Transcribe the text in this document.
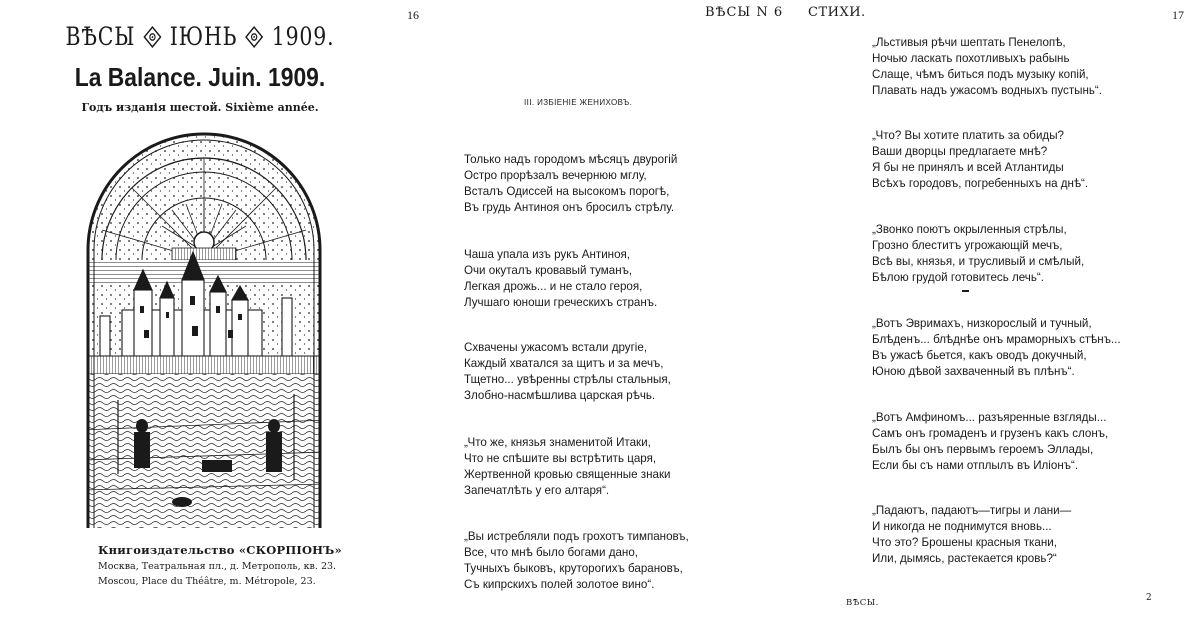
ВѢСЫ ІЮНЬ 1909.
La Balance. Juin. 1909.
Годъ изданія шестой. Sixième année.
Книгоиздательство «СКОРПІОНЪ»
Москва, Театральная пл., д. Метрополь, кв. 23.
Moscou, Place du Théâtre, m. Métropole, 23.
16	ВѢСЫ N 6
III. ИЗБІЕНІЕ ЖЕНИХОВЪ.
Только надъ городомъ мѣсяцъ двурогій
Остро прорѣзалъ вечернюю мглу,
Всталъ Одиссей на высокомъ порогѣ,
Въ грудь Антиноя онъ бросилъ стрѣлу.
Чаша упала изъ рукъ Антиноя,
Очи окуталъ кровавый туманъ,
Легкая дрожь... и не стало героя,
Лучшаго юноши греческихъ странъ.
Схвачены ужасомъ встали другіе,
Каждый хватался за щитъ и за мечъ,
Тщетно... увѣренны стрѣлы стальныя,
Злобно-насмѣшлива царская рѣчь.
„Что же, князья знаменитой Итаки,
Что не спѣшите вы встрѣтить царя,
Жертвенной кровью священные знаки
Запечатлѣть у его алтаря“.
„Вы истребляли подъ грохотъ тимпановъ,
Все, что мнѣ было богами дано,
Тучныхъ быковъ, круторогихъ барановъ,
Съ кипрскихъ полей золотое вино“.
СТИХИ.	17
„Льстивыя рѣчи шептать Пенелопѣ,
Ночью ласкать похотливыхъ рабынь
Слаще, чѣмъ биться подъ музыку копій,
Плавать надъ ужасомъ водныхъ пустынь“.
„Что? Вы хотите платить за обиды?
Ваши дворцы предлагаете мнѣ?
Я бы не принялъ и всей Атлантиды
Всѣхъ городовъ, погребенныхъ на днѣ“.
„Звонко поютъ окрыленныя стрѣлы,
Грозно блеститъ угрожающій мечъ,
Всѣ вы, князья, и трусливый и смѣлый,
Бѣлою грудой готовитесь лечь“.
„Вотъ Эвримахъ, низкорослый и тучный,
Блѣденъ... блѣднѣе онъ мраморныхъ стѣнъ...
Въ ужасѣ бьется, какъ оводъ докучный,
Юною дѣвой захваченный въ плѣнъ“.
„Вотъ Амфиномъ... разъяренные взгляды...
Самъ онъ громаденъ и грузенъ какъ слонъ,
Былъ бы онъ первымъ героемъ Эллады,
Если бы съ нами отплылъ въ Иліонъ“.
„Падаютъ, падаютъ—тигры и лани—
И никогда не поднимутся вновь...
Что это? Брошены красныя ткани,
Или, дымясь, растекается кровь?“
ВѢСЫ.	2
